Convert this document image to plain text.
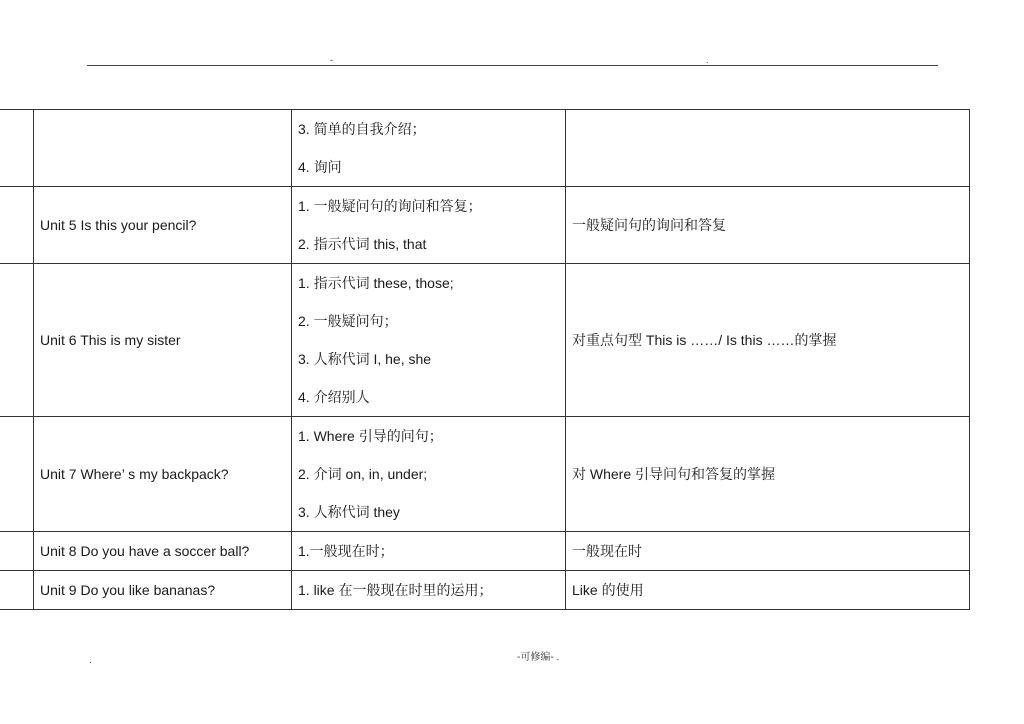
-	.

		3. 简单的自我介绍；
4. 询问	

	Unit 5 Is this your pencil?	1. 一般疑问句的询问和答复；
2. 指示代词 this, that	一般疑问句的询问和答复
	Unit 6 This is my sister	1. 指示代词 these, those;
2. 一般疑问句；
3. 人称代词 I, he, she
4. 介绍别人	对重点句型 This is ……/ Is this ……的掌握
	Unit 7 Where’ s my backpack?	1. Where 引导的问句；
2. 介词 on, in, under;
3. 人称代词 they	对 Where 引导问句和答复的掌握
	Unit 8 Do you have a soccer ball?	1.一般现在时；	一般现在时
	Unit 9 Do you like bananas?	1. like 在一般现在时里的运用；	Like 的使用
.	-可修编- .
